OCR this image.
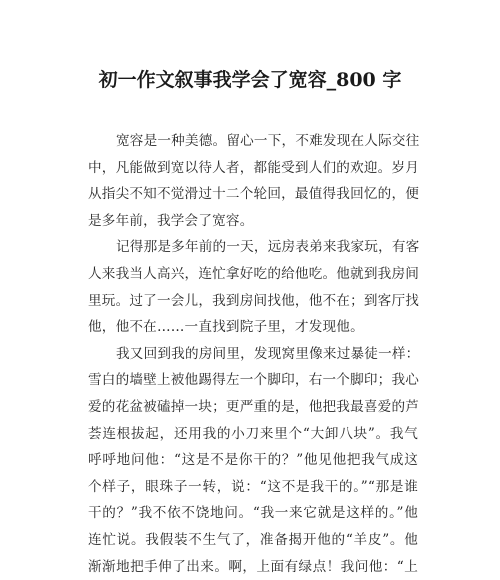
初一作文叙事我学会了宽容_800 字
宽容是一种美德。留心一下，不难发现在人际交往
中，凡能做到宽以待人者，都能受到人们的欢迎。岁月
从指尖不知不觉滑过十二个轮回，最值得我回忆的，便
是多年前，我学会了宽容。
记得那是多年前的一天，远房表弟来我家玩，有客
人来我当人高兴，连忙拿好吃的给他吃。他就到我房间
里玩。过了一会儿，我到房间找他，他不在；到客厅找
他，他不在……一直找到院子里，才发现他。
我又回到我的房间里，发现窝里像来过暴徒一样：
雪白的墙壁上被他踢得左一个脚印，右一个脚印；我心
爱的花盆被磕掉一块；更严重的是，他把我最喜爱的芦
荟连根拔起，还用我的小刀来里个“大卸八块”。我气
呼呼地问他：“这是不是你干的？”他见他把我气成这
个样子，眼珠子一转，说：“这不是我干的。”“那是谁
干的？”我不依不饶地问。“我一来它就是这样的。”他
连忙说。我假装不生气了，准备揭开他的“羊皮”。他
渐渐地把手伸了出来。啊，上面有绿点！我问他：“上
